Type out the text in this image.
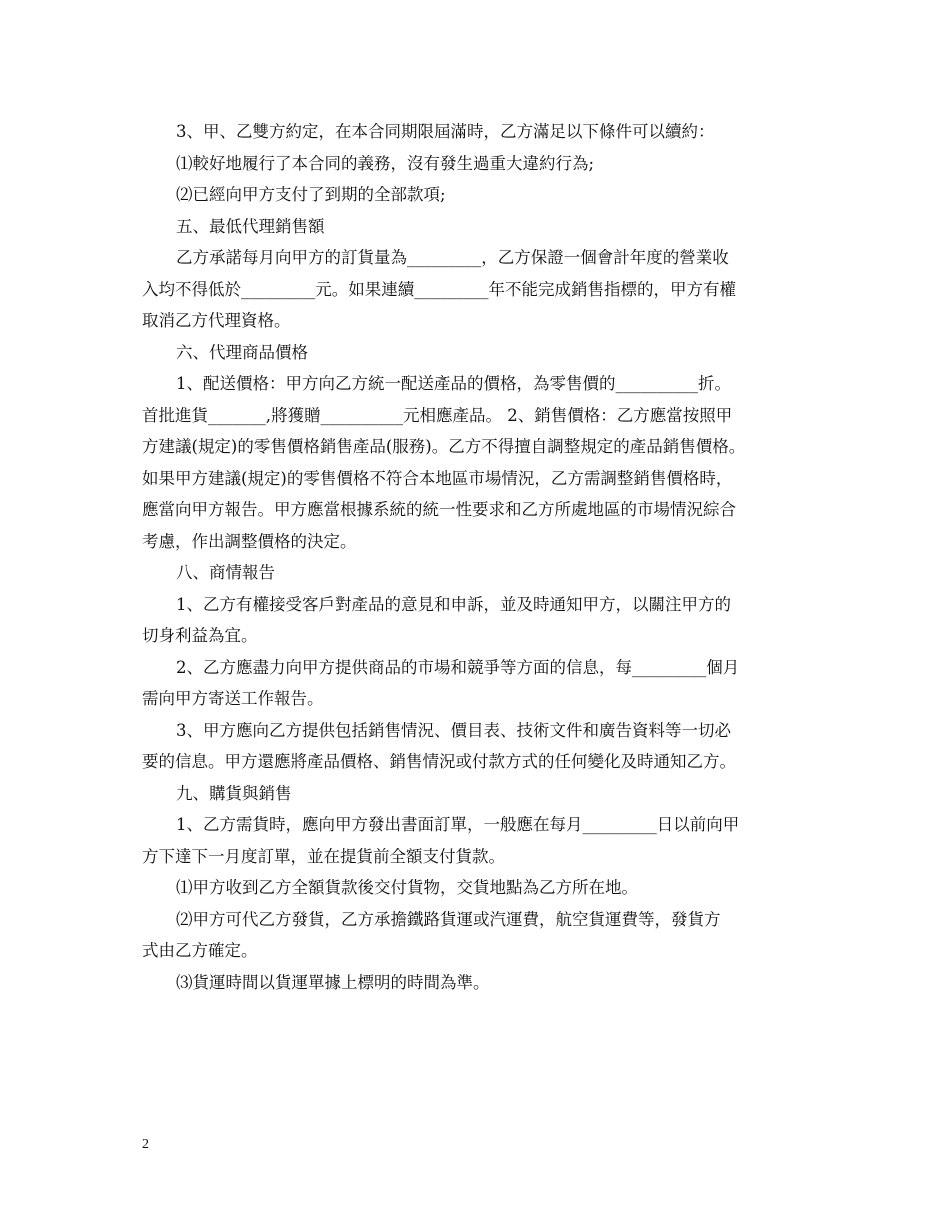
3、甲、乙雙方約定，在本合同期限屆滿時，乙方滿足以下條件可以續約：

⑴較好地履行了本合同的義務，沒有發生過重大違約行為;

⑵已經向甲方支付了到期的全部款項;

五、最低代理銷售額

乙方承諾每月向甲方的訂貨量為_________，乙方保證一個會計年度的營業收
入均不得低於_________元。如果連續_________年不能完成銷售指標的，甲方有權
取消乙方代理資格。

六、代理商品價格

1、配送價格：甲方向乙方統一配送產品的價格，為零售價的__________折。
首批進貨_______,將獲贈__________元相應產品。 2、銷售價格：乙方應當按照甲
方建議(規定)的零售價格銷售產品(服務)。乙方不得擅自調整規定的產品銷售價格。
如果甲方建議(規定)的零售價格不符合本地區市場情況，乙方需調整銷售價格時，
應當向甲方報告。甲方應當根據系統的統一性要求和乙方所處地區的市場情況綜合
考慮，作出調整價格的決定。

八、商情報告

1、乙方有權接受客戶對產品的意見和申訴，並及時通知甲方，以關注甲方的
切身利益為宜。

2、乙方應盡力向甲方提供商品的市場和競爭等方面的信息，每_________個月
需向甲方寄送工作報告。

3、甲方應向乙方提供包括銷售情況、價目表、技術文件和廣告資料等一切必
要的信息。甲方還應將產品價格、銷售情況或付款方式的任何變化及時通知乙方。

九、購貨與銷售

1、乙方需貨時，應向甲方發出書面訂單，一般應在每月_________日以前向甲
方下達下一月度訂單，並在提貨前全額支付貨款。

⑴甲方收到乙方全額貨款後交付貨物，交貨地點為乙方所在地。

⑵甲方可代乙方發貨，乙方承擔鐵路貨運或汽運費，航空貨運費等，發貨方
式由乙方確定。

⑶貨運時間以貨運單據上標明的時間為準。

2
